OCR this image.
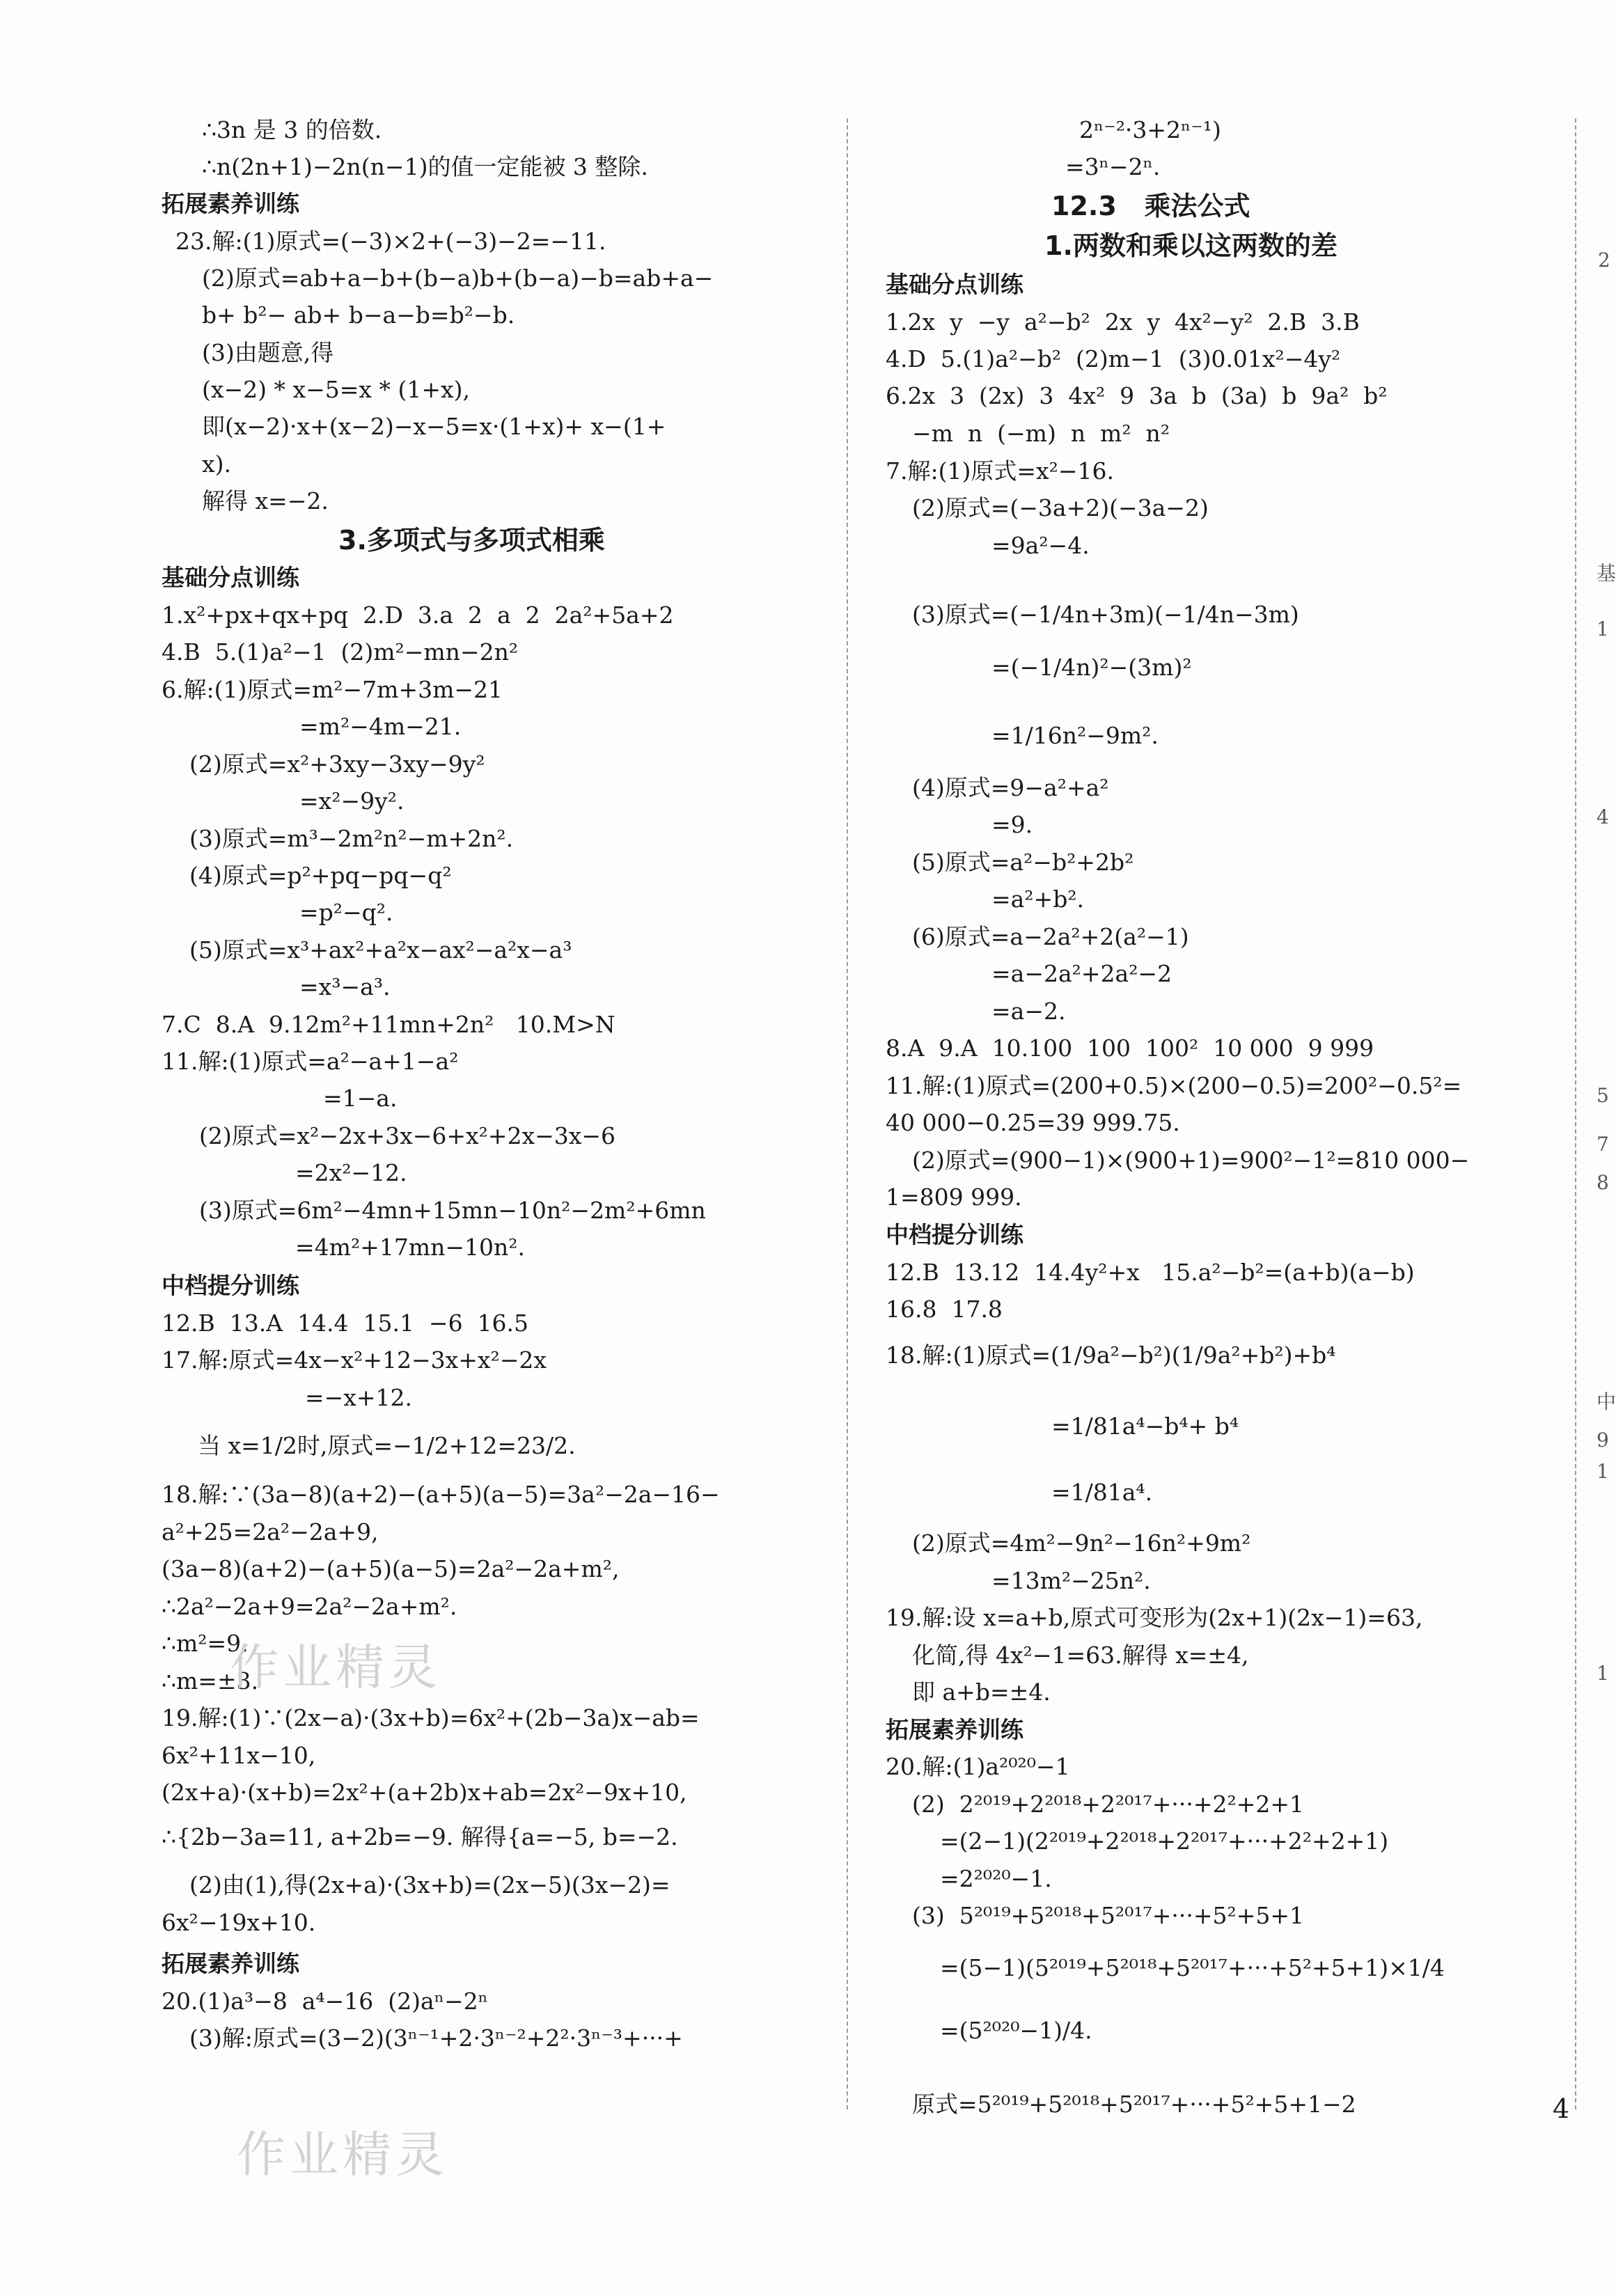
∴3n 是 3 的倍数.
∴n(2n+1)−2n(n−1)的值一定能被 3 整除.
拓展素养训练
23.解:(1)原式=(−3)×2+(−3)−2=−11.
(2)原式=ab+a−b+(b−a)b+(b−a)−b=ab+a−
b+ b²− ab+ b−a−b=b²−b.
(3)由题意,得
(x−2) * x−5=x * (1+x),
即(x−2)·x+(x−2)−x−5=x·(1+x)+ x−(1+
x).
解得 x=−2.
3.多项式与多项式相乘
基础分点训练
1.x²+px+qx+pq  2.D  3.a  2  a  2  2a²+5a+2
4.B  5.(1)a²−1  (2)m²−mn−2n²
6.解:(1)原式=m²−7m+3m−21
=m²−4m−21.
(2)原式=x²+3xy−3xy−9y²
=x²−9y².
(3)原式=m³−2m²n²−m+2n².
(4)原式=p²+pq−pq−q²
=p²−q².
(5)原式=x³+ax²+a²x−ax²−a²x−a³
=x³−a³.
7.C  8.A  9.12m²+11mn+2n²   10.M>N
11.解:(1)原式=a²−a+1−a²
=1−a.
(2)原式=x²−2x+3x−6+x²+2x−3x−6
=2x²−12.
(3)原式=6m²−4mn+15mn−10n²−2m²+6mn
=4m²+17mn−10n².
中档提分训练
12.B  13.A  14.4  15.1  −6  16.5
17.解:原式=4x−x²+12−3x+x²−2x
=−x+12.
当 x=1/2时,原式=−1/2+12=23/2.
18.解:∵(3a−8)(a+2)−(a+5)(a−5)=3a²−2a−16−
a²+25=2a²−2a+9,
(3a−8)(a+2)−(a+5)(a−5)=2a²−2a+m²,
∴2a²−2a+9=2a²−2a+m².
∴m²=9.
∴m=±3.
19.解:(1)∵(2x−a)·(3x+b)=6x²+(2b−3a)x−ab=
6x²+11x−10,
(2x+a)·(x+b)=2x²+(a+2b)x+ab=2x²−9x+10,
∴{2b−3a=11, a+2b=−9. 解得{a=−5, b=−2.
(2)由(1),得(2x+a)·(3x+b)=(2x−5)(3x−2)=
6x²−19x+10.
拓展素养训练
20.(1)a³−8  a⁴−16  (2)aⁿ−2ⁿ
(3)解:原式=(3−2)(3ⁿ⁻¹+2·3ⁿ⁻²+2²·3ⁿ⁻³+···+
2ⁿ⁻²·3+2ⁿ⁻¹)
=3ⁿ−2ⁿ.
12.3   乘法公式
1.两数和乘以这两数的差
基础分点训练
1.2x  y  −y  a²−b²  2x  y  4x²−y²  2.B  3.B
4.D  5.(1)a²−b²  (2)m−1  (3)0.01x²−4y²
6.2x  3  (2x)  3  4x²  9  3a  b  (3a)  b  9a²  b²
−m  n  (−m)  n  m²  n²
7.解:(1)原式=x²−16.
(2)原式=(−3a+2)(−3a−2)
=9a²−4.
(3)原式=(−1/4n+3m)(−1/4n−3m)
=(−1/4n)²−(3m)²
=1/16n²−9m².
(4)原式=9−a²+a²
=9.
(5)原式=a²−b²+2b²
=a²+b².
(6)原式=a−2a²+2(a²−1)
=a−2a²+2a²−2
=a−2.
8.A  9.A  10.100  100  100²  10 000  9 999
11.解:(1)原式=(200+0.5)×(200−0.5)=200²−0.5²=
40 000−0.25=39 999.75.
(2)原式=(900−1)×(900+1)=900²−1²=810 000−
1=809 999.
中档提分训练
12.B  13.12  14.4y²+x   15.a²−b²=(a+b)(a−b)
16.8  17.8
18.解:(1)原式=(1/9a²−b²)(1/9a²+b²)+b⁴
=1/81a⁴−b⁴+ b⁴
=1/81a⁴.
(2)原式=4m²−9n²−16n²+9m²
=13m²−25n².
19.解:设 x=a+b,原式可变形为(2x+1)(2x−1)=63,
化简,得 4x²−1=63.解得 x=±4,
即 a+b=±4.
拓展素养训练
20.解:(1)a²⁰²⁰−1
(2)  2²⁰¹⁹+2²⁰¹⁸+2²⁰¹⁷+···+2²+2+1
=(2−1)(2²⁰¹⁹+2²⁰¹⁸+2²⁰¹⁷+···+2²+2+1)
=2²⁰²⁰−1.
(3)  5²⁰¹⁹+5²⁰¹⁸+5²⁰¹⁷+···+5²+5+1
=(5−1)(5²⁰¹⁹+5²⁰¹⁸+5²⁰¹⁷+···+5²+5+1)×1/4
=(5²⁰²⁰−1)/4.
原式=5²⁰¹⁹+5²⁰¹⁸+5²⁰¹⁷+···+5²+5+1−2
2
基
1
4
5
7
8
中
9
1
1
作业精灵
作业精灵
4
